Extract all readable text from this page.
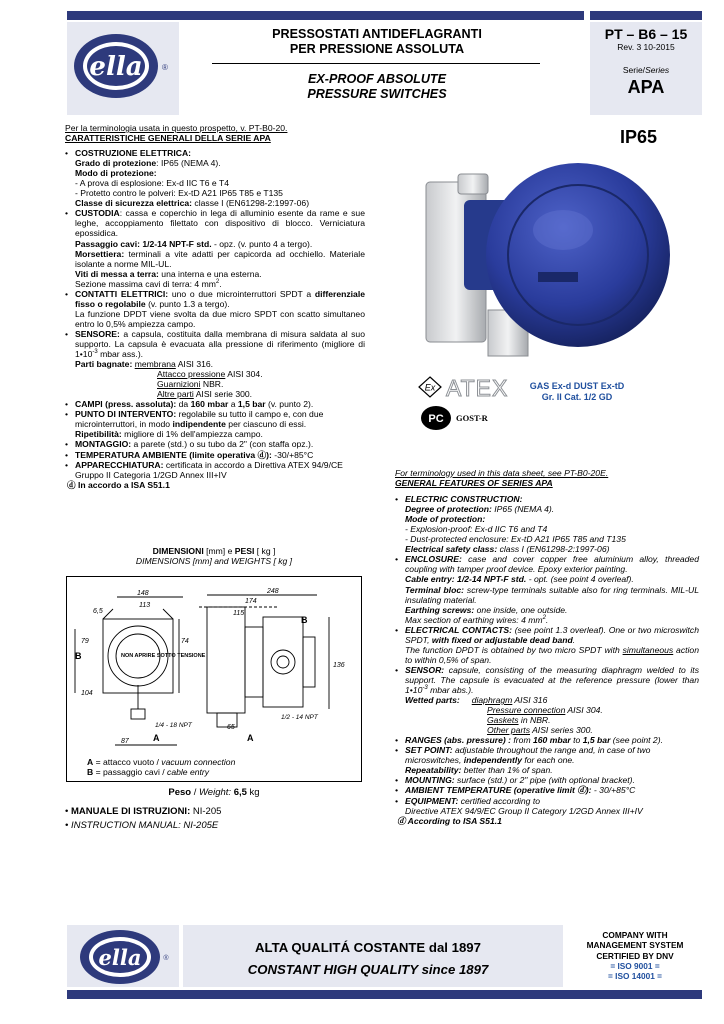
ella ®
PRESSOSTATI ANTIDEFLAGRANTI
PER PRESSIONE ASSOLUTA
EX-PROOF ABSOLUTE
PRESSURE SWITCHES
PT – B6 – 15
Rev. 3 10-2015
Serie/Series
APA
Per la terminologia usata in questo prospetto, v. PT-B0-20.
CARATTERISTICHE GENERALI DELLA SERIE APA
• COSTRUZIONE ELETTRICA:
Grado di protezione: IP65 (NEMA 4).
Modo di protezione:
- A prova di esplosione: Ex-d IIC T6 e T4
- Protetto contro le polveri: Ex-tD A21 IP65 T85 e T135
Classe di sicurezza elettrica: classe I (EN61298-2:1997-06)
• CUSTODIA: cassa e coperchio in lega di alluminio esente da rame e sue leghe, accoppiamento filettato con dispositivo di blocco. Verniciatura epossidica.
Passaggio cavi: 1/2-14 NPT-F std. - opz. (v. punto 4 a tergo).
Morsettiera: terminali a vite adatti per capicorda ad occhiello. Materiale isolante a norme MIL-UL.
Viti di messa a terra: una interna e una esterna.
Sezione massima cavi di terra: 4 $mm^2$.
• CONTATTI ELETTRICI: uno o due microinterruttori SPDT a differenziale fisso o regolabile (v. punto 1.3 a tergo).
La funzione DPDT viene svolta da due micro SPDT con scatto simultaneo entro lo 0,5% ampiezza campo.
• SENSORE: a capsula, costituita dalla membrana di misura saldata al suo supporto. La capsula è evacuata alla pressione di riferimento (migliore di $1•10^{-3}$ mbar ass.).
Parti bagnate: membrana AISI 316.
Attacco pressione AISI 304.
Guarnizioni NBR.
Altre parti AISI serie 300.
• CAMPI (press. assoluta): da 160 mbar a 1,5 bar (v. punto 2).
• PUNTO DI INTERVENTO: regolabile su tutto il campo e, con due microinterruttori, in modo indipendente per ciascuno di essi.
Ripetibilità: migliore di 1% dell'ampiezza campo.
• MONTAGGIO: a parete (std.) o su tubo da 2" (con staffa opz.).
• TEMPERATURA AMBIENTE (limite operativa ⓓ): -30/+85°C
• APPARECCHIATURA: certificata in accordo a Direttiva ATEX 94/9/CE Gruppo II Categoria 1/2GD Annex III+IV
ⓓ In accordo a ISA S51.1
IP65
Ex ATEX	GAS Ex-d DUST Ex-tD
Gr. II Cat. 1/2 GD
PC GOST-R
For terminology used in this data sheet, see PT-B0-20E.
GENERAL FEATURES OF SERIES APA
• ELECTRIC CONSTRUCTION:
Degree of protection: IP65 (NEMA 4).
Mode of protection:
- Explosion-proof: Ex-d IIC T6 and T4
- Dust-protected enclosure: Ex-tD A21 IP65 T85 and T135
Electrical safety class: class I (EN61298-2:1997-06)
• ENCLOSURE: case and cover copper free aluminium alloy, threaded coupling with tamper proof device. Epoxy exterior painting.
Cable entry: 1/2-14 NPT-F std. - opt. (see point 4 overleaf).
Terminal bloc: screw-type terminals suitable also for ring terminals. MIL-UL insulating material.
Earthing screws: one inside, one outside.
Max section of earthing wires: 4 $mm^2$.
• ELECTRICAL CONTACTS: (see point 1.3 overleaf). One or two microswitch SPDT, with fixed or adjustable dead band.
The function DPDT is obtained by two micro SPDT with simultaneous action to within 0,5% of span.
• SENSOR: capsule, consisting of the measuring diaphragm welded to its support. The capsule is evacuated at the reference pressure (lower than $1•10^{-3}$ mbar abs.).
Wetted parts: diaphragm AISI 316
Pressure connection AISI 304.
Gaskets in NBR.
Other parts AISI series 300.
• RANGES (abs. pressure) : from 160 mbar to 1,5 bar (see point 2).
• SET POINT: adjustable throughout the range and, in case of two microswitches, independently for each one.
Repeatability: better than 1% of span.
• MOUNTING: surface (std.) or 2" pipe (with optional bracket).
• AMBIENT TEMPERATURE (operative limit ⓓ): - 30/+85°C
• EQUIPMENT: certified according to
Directive ATEX 94/9/EC Group II Category 1/2GD Annex III+IV
ⓓ According to ISA S51.1
DIMENSIONI [mm] e PESI [ kg ]
DIMENSIONS [mm] and WEIGHTS [ kg ]
148
113
6,5
174
115
248
79	74
104
136
87
65
1/4 - 18 NPT
1/2 - 14 NPT
NON APRIRE SOTTO TENSIONE
B
B
A	A
A = attacco vuoto / vacuum connection
B = passaggio cavi / cable entry
Peso / Weight: 6,5 kg
• MANUALE DI ISTRUZIONI: NI-205
• INSTRUCTION MANUAL: NI-205E
ella	®
ALTA QUALITÁ COSTANTE dal 1897
CONSTANT HIGH QUALITY since 1897
COMPANY WITH
MANAGEMENT SYSTEM
CERTIFIED BY DNV
= ISO 9001 =
= ISO 14001 =
